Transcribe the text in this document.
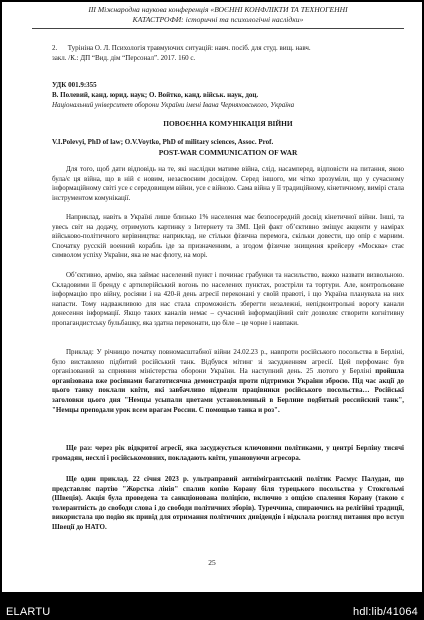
ІІІ Міжнародна наукова конференція «ВОЄННІ КОНФЛІКТИ ТА ТЕХНОГЕННІ
КАТАСТРОФИ: історичні та психологічні наслідки»
2.      Турініна О. Л. Психологія травмуючих ситуацій: навч. посіб. для студ. вищ. навч.
закл. /К.: ДП “Вид. дім “Персонал”. 2017. 160 с.
УДК 001.9:355
В. Полевий, канд. юрид. наук; О. Войтко, канд. військ. наук, доц.
Національний університет оборони України імені Івана Черняховського, Україна
ПОВОЄННА КОМУНІКАЦІЯ ВІЙНИ
V.I.Polevyi, PhD of law; O.V.Voytko, PhD of military sciences, Assoc. Prof.
POST-WAR COMMUNICATION OF WAR
Для того, щоб дати відповідь на те, які наслідки матиме війна, слід, насамперед, відповісти на питання, якою була/є ця війна, що в ній є новим, незасвоєним досвідом. Серед іншого, ми чітко зрозуміли, що у сучасному інформаційному світі усе є середовищем війни, усе є війною. Сама війна у її традиційному, кінетичному, вимірі стала інструментом комунікації.
Наприклад, навіть в Україні лише близько 1% населення має безпосередній досвід кінетичної війни. Інші, та увесь світ на додачу, отримують картинку з Інтернету та ЗМІ. Цей факт об’єктивно зміщує акценти у намірах військово-політичного керівництва: наприклад, не стільки фізична перемога, скільки довести, що опір є марним. Спочатку русскій военний корабль іде за призначенням, а згодом фізичне знищення крейсеру «Москва» стає символом успіху України, яка не має флоту, на морі.
Об’єктивно, армію, яка займає населений пункт і починає грабунки та насильство, важко назвати визвольною. Складовими її бренду є артилерійський вогонь по населених пунктах, розстріли та тортури. Але, контрольоване інформацію про війну, росіяни і на 420-й день агресії переконані у своїй правоті, і що Україна планувала на них напасти. Тому надважливою для нас стала спроможність зберегти незалежні, непідконтрольні ворогу канали донесення інформації. Якщо таких каналів немає – сучасний інформаційний світ дозволяє створити когнітивну пропагандистську бульбашку, яка здатна переконати, що біле – це чорне і навпаки.
Приклад: У річницю початку повномасштабної війни 24.02.23 р., навпроти російського посольства в Берліні, було виставлено підбитий російський танк. Відбувся мітинг зі засудженням агресії. Цей перфоманс був організований за сприяння міністерства оборони України. На наступний день. 25 лютого у Берліні пройшла організована вже росіянами багатотисячна демонстрація проти підтримки України зброєю. Під час акції до цього танку поклали квіти, які завбачливо підвезли працівники російського посольства… Російські заголовки цього дня "Немцы усыпали цветами установленный в Берлине подбитый российский танк", "Немцы преподали урок всем врагам России. С помощью танка и роз".
Ще раз: через рік відкритої агресії, яка засуджується ключовими політиками, у центрі Берліну тисячі громадян, несхлі і російськомовних, покладають квіти, ушановуючи агресора.
Ще один приклад. 22 січня 2023 р. ультраправий антиімігрантський політик Расмус Палудан, що представляє партію "Жорстка лінія" спалив копію Корану біля турецького посольства у Стокгольмі (Швеція). Акція була проведена та санкціонована поліцією, включно з опцією спалення Корану (такою є толерантність до свободи слова і до свободи політичних зборів). Туреччина, спираючись на релігійні традиції, використала цю подію як привід для отримання політичних дивідендів і відклала розгляд питання про вступ Швеції до НАТО.
25
ELARTU	hdl:lib/41064
